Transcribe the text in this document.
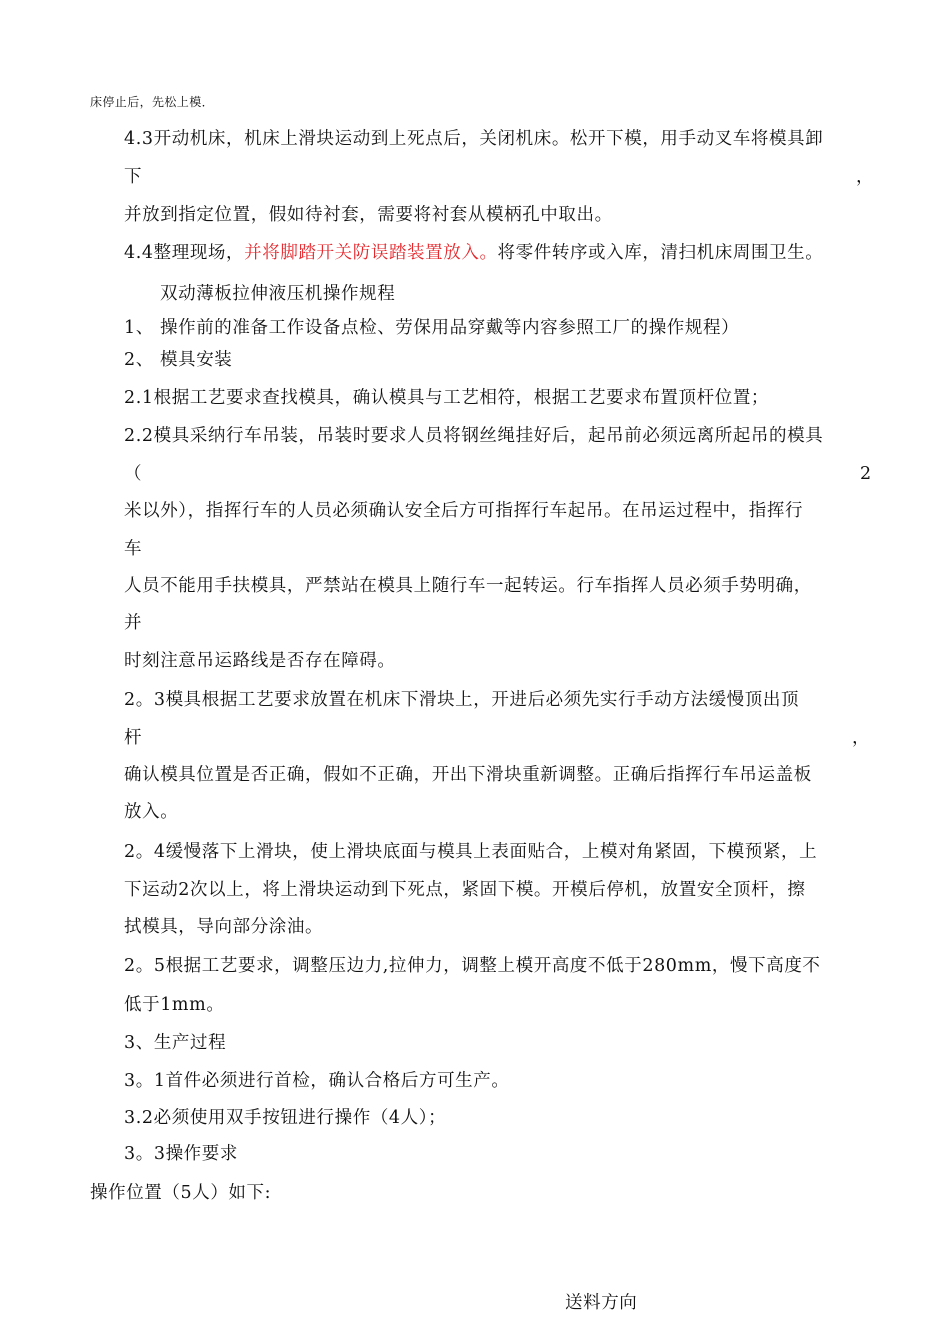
床停止后，先松上模．
4.3开动机床，机床上滑块运动到上死点后，关闭机床。松开下模，用手动叉车将模具卸
下	，
并放到指定位置，假如待衬套，需要将衬套从模柄孔中取出。
4.4整理现场，并将脚踏开关防误踏装置放入。将零件转序或入库，清扫机床周围卫生。
双动薄板拉伸液压机操作规程
1、 操作前的准备工作设备点检、劳保用品穿戴等内容参照工厂的操作规程）
2、 模具安装
2.1根据工艺要求查找模具，确认模具与工艺相符，根据工艺要求布置顶杆位置；
2.2模具采纳行车吊装，吊装时要求人员将钢丝绳挂好后，起吊前必须远离所起吊的模具
（	2
米以外），指挥行车的人员必须确认安全后方可指挥行车起吊。在吊运过程中，指挥行
车
人员不能用手扶模具，严禁站在模具上随行车一起转运。行车指挥人员必须手势明确，
并
时刻注意吊运路线是否存在障碍。
2。3模具根据工艺要求放置在机床下滑块上，开进后必须先实行手动方法缓慢顶出顶
杆	，
确认模具位置是否正确，假如不正确，开出下滑块重新调整。正确后指挥行车吊运盖板
放入。
2。4缓慢落下上滑块，使上滑块底面与模具上表面贴合，上模对角紧固，下模预紧，上
下运动2次以上，将上滑块运动到下死点，紧固下模。开模后停机，放置安全顶杆，擦
拭模具，导向部分涂油。
2。5根据工艺要求，调整压边力,拉伸力，调整上模开高度不低于280mm，慢下高度不
低于1mm。
3、生产过程
3。1首件必须进行首检，确认合格后方可生产。
3.2必须使用双手按钮进行操作（4人）；
3。3操作要求
操作位置（5人）如下:
送料方向
